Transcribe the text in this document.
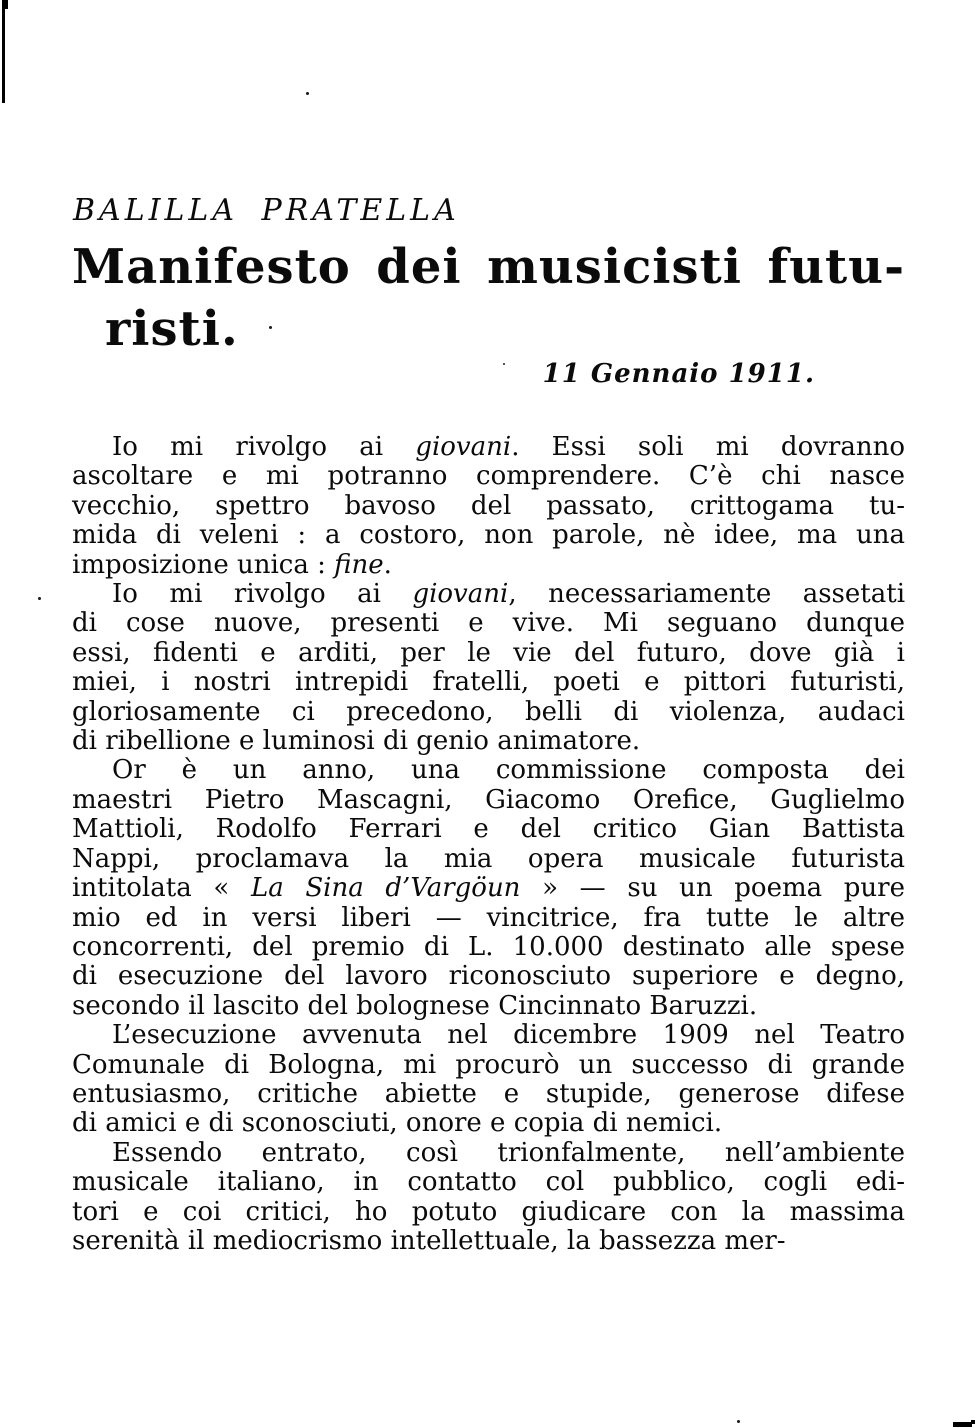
BALILLA PRATELLA
Manifesto dei musicisti futu-
risti.
11 Gennaio 1911.
Io mi rivolgo ai giovani. Essi soli mi dovranno
ascoltare e mi potranno comprendere. C’è chi nasce
vecchio, spettro bavoso del passato, crittogama tu-
mida di veleni : a costoro, non parole, nè idee, ma una
imposizione unica : fine.
Io mi rivolgo ai giovani, necessariamente assetati
di cose nuove, presenti e vive. Mi seguano dunque
essi, fidenti e arditi, per le vie del futuro, dove già i
miei, i nostri intrepidi fratelli, poeti e pittori futuristi,
gloriosamente ci precedono, belli di violenza, audaci
di ribellione e luminosi di genio animatore.
Or è un anno, una commissione composta dei
maestri Pietro Mascagni, Giacomo Orefice, Guglielmo
Mattioli, Rodolfo Ferrari e del critico Gian Battista
Nappi, proclamava la mia opera musicale futurista
intitolata « La Sina d’Vargöun » — su un poema pure
mio ed in versi liberi — vincitrice, fra tutte le altre
concorrenti, del premio di L. 10.000 destinato alle spese
di esecuzione del lavoro riconosciuto superiore e degno,
secondo il lascito del bolognese Cincinnato Baruzzi.
L’esecuzione avvenuta nel dicembre 1909 nel Teatro
Comunale di Bologna, mi procurò un successo di grande
entusiasmo, critiche abiette e stupide, generose difese
di amici e di sconosciuti, onore e copia di nemici.
Essendo entrato, così trionfalmente, nell’ambiente
musicale italiano, in contatto col pubblico, cogli edi-
tori e coi critici, ho potuto giudicare con la massima
serenità il mediocrismo intellettuale, la bassezza mer-
